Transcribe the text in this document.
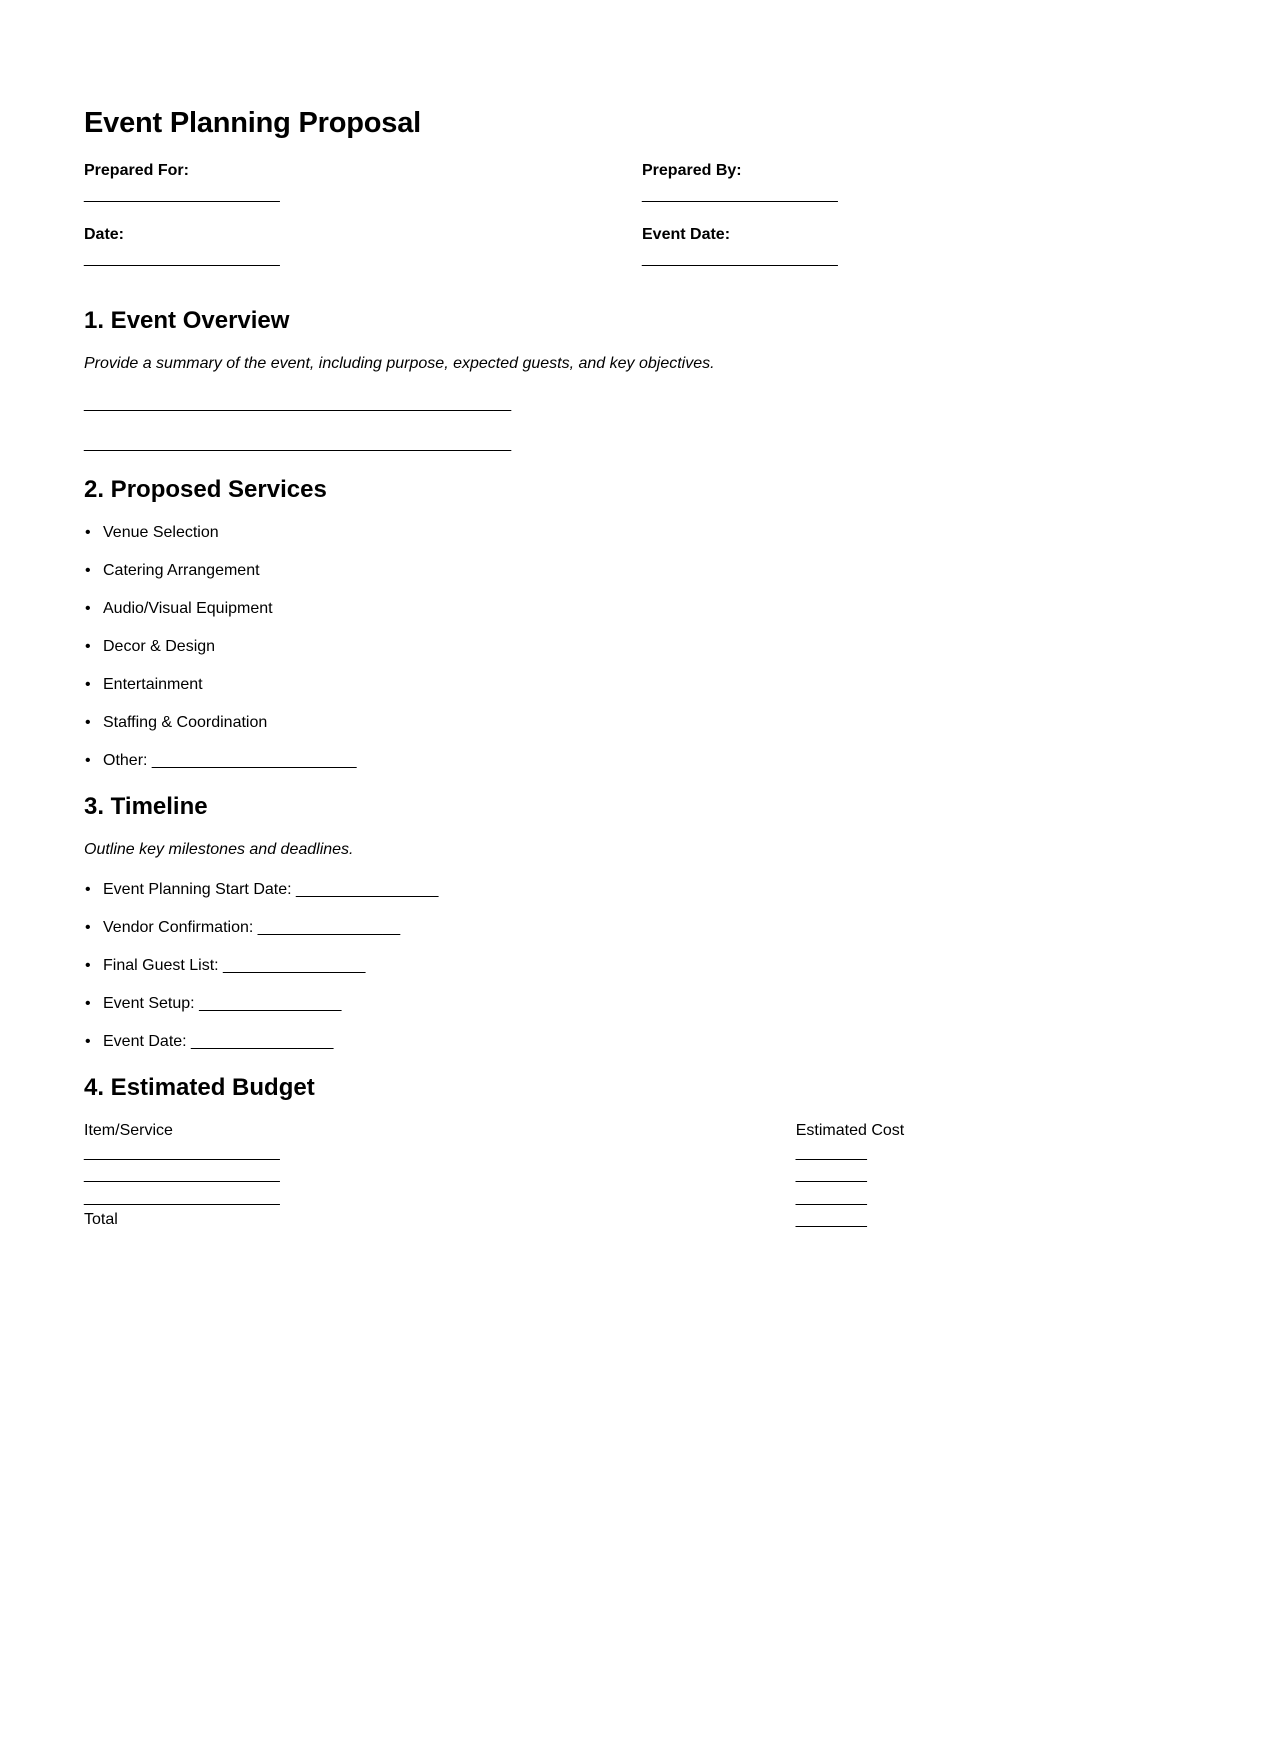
Event Planning Proposal

Prepared For:
______________________

Prepared By:
______________________

Date:
______________________

Event Date:
______________________

1. Event Overview

Provide a summary of the event, including purpose, expected guests, and key objectives.

________________________________________________

________________________________________________

2. Proposed Services
•
Venue Selection
•
Catering Arrangement
•
Audio/Visual Equipment
•
Decor & Design
•
Entertainment
•
Staffing & Coordination
•
Other: _______________________
3. Timeline

Outline key milestones and deadlines.

•
Event Planning Start Date: ________________
•
Vendor Confirmation: ________________
•
Final Guest List: ________________
•
Event Setup: ________________
•
Event Date: ________________
4. Estimated Budget
Item/Service	Estimated Cost
______________________	________
______________________	________
______________________	________
Total	________
